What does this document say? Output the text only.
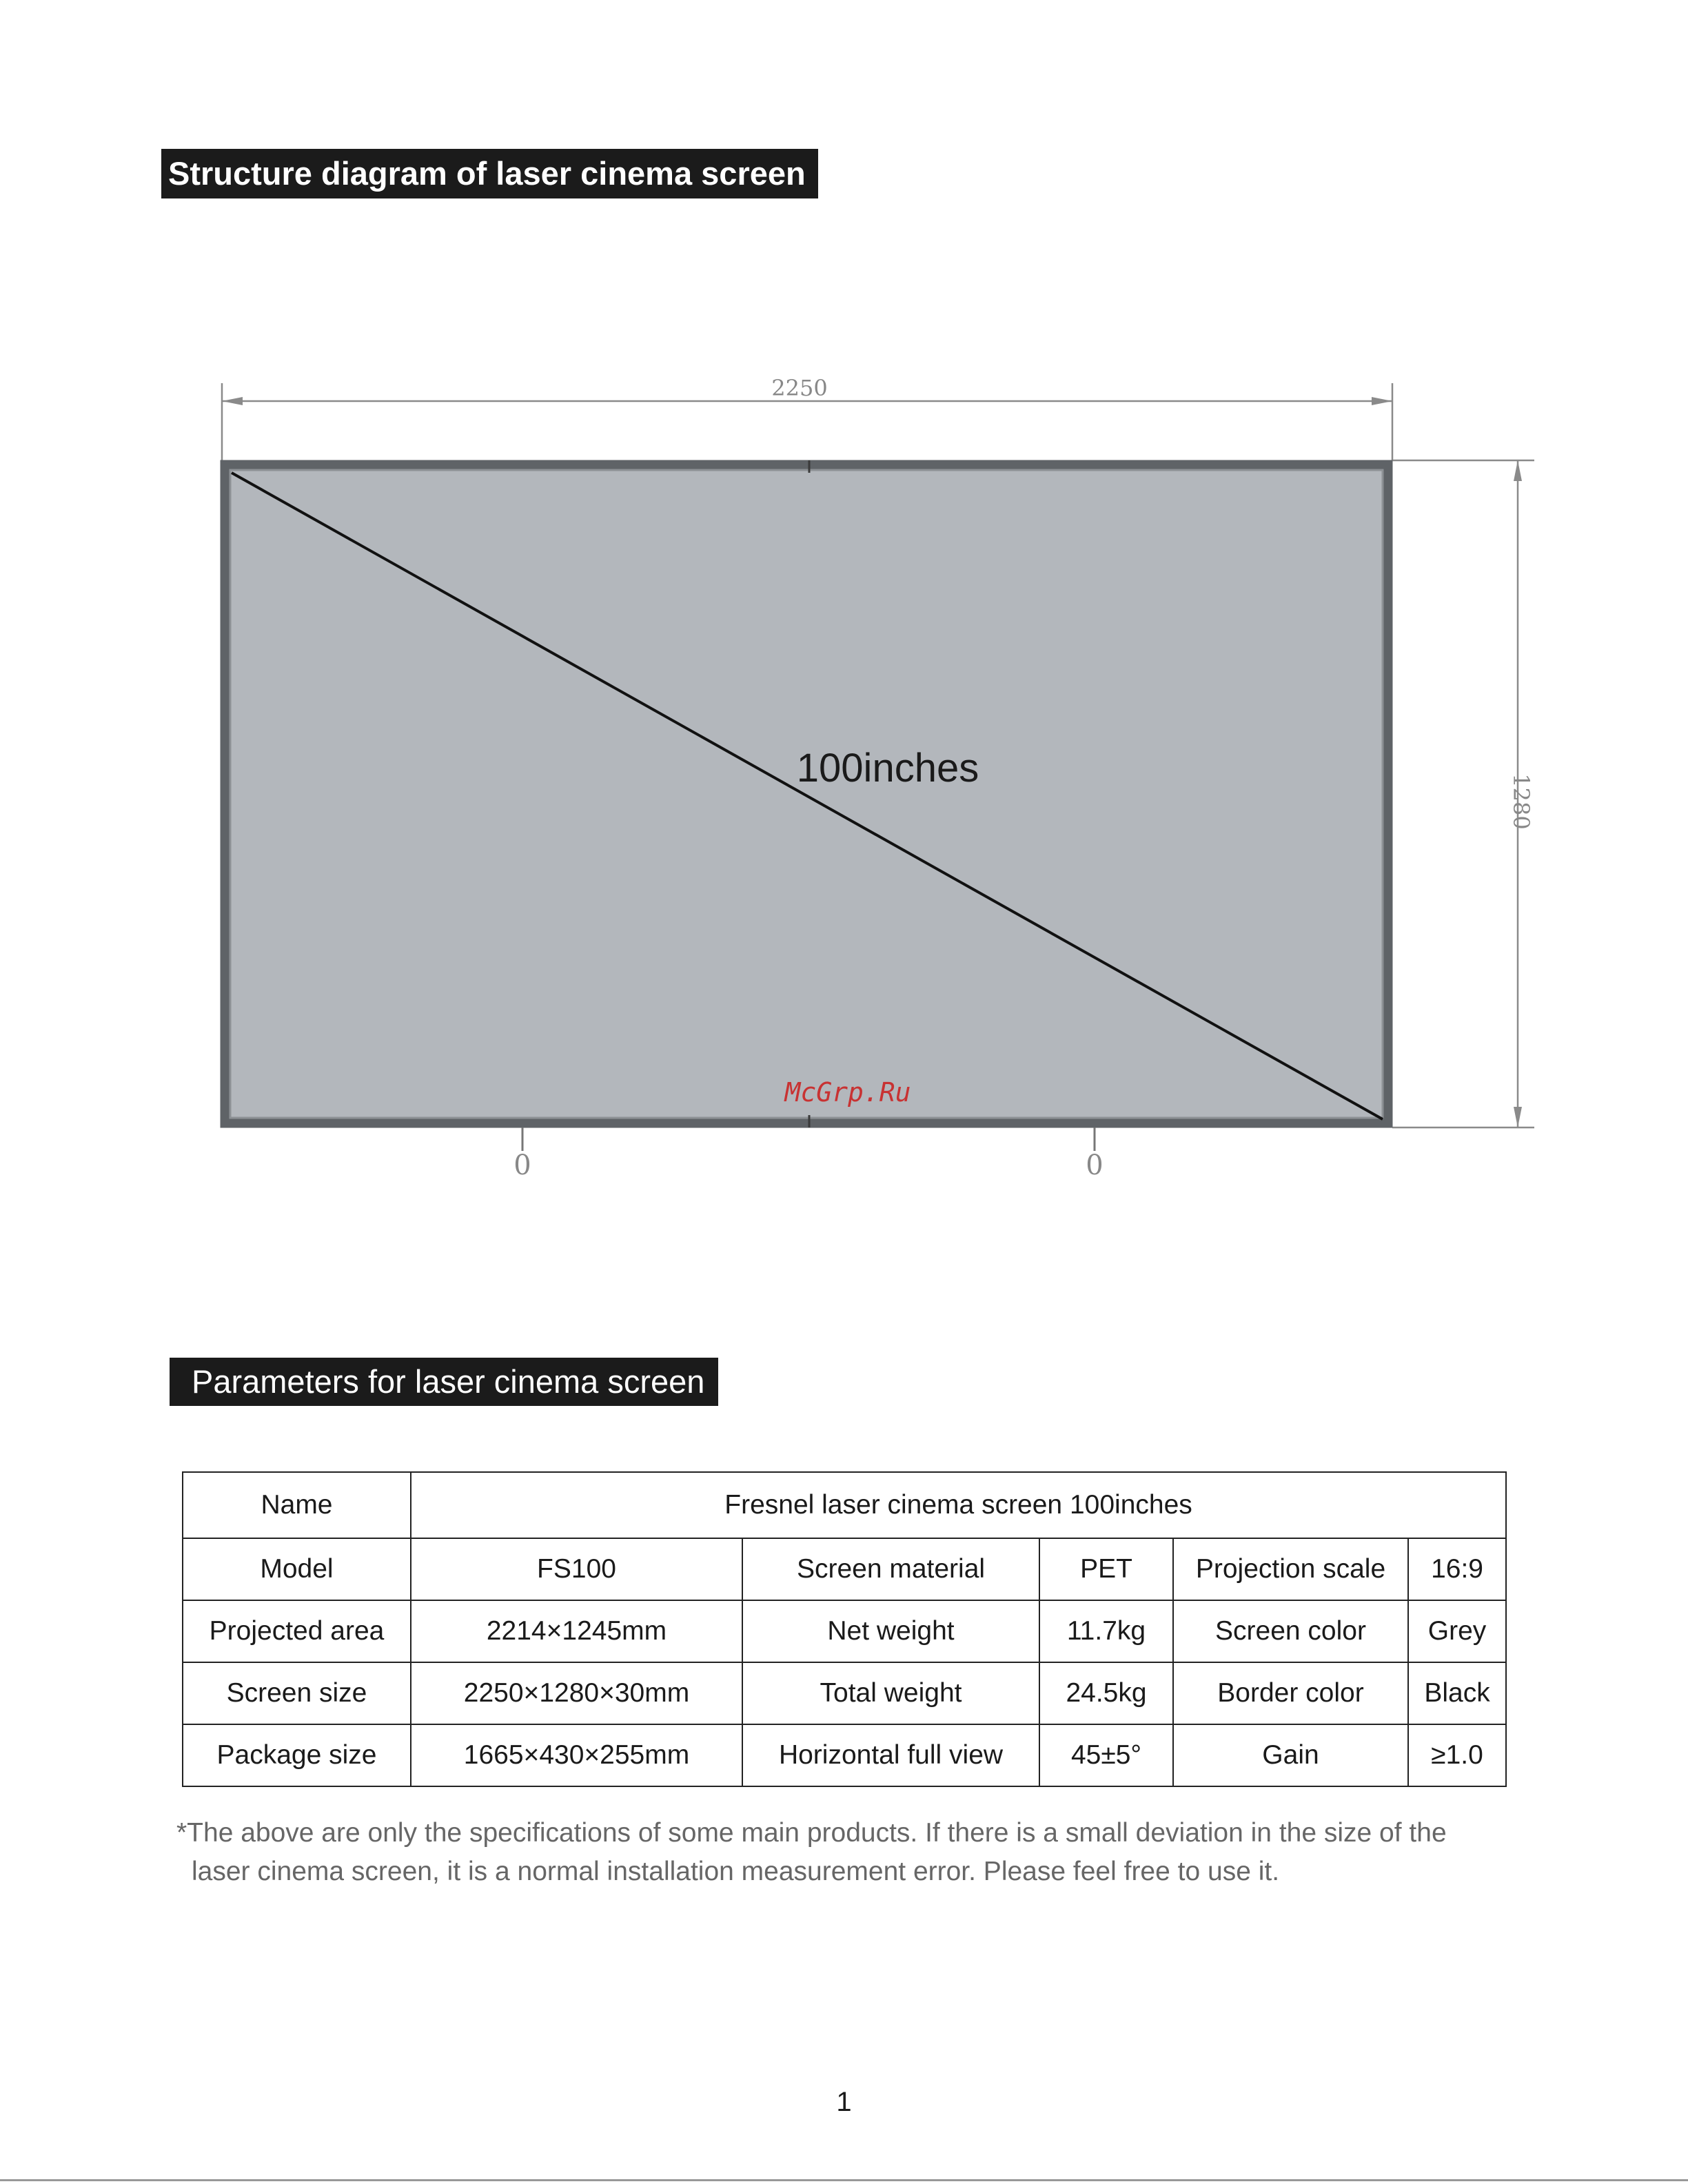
Structure diagram of laser cinema screen
2250
1280
100inches
McGrp.Ru
0	0
Parameters for laser cinema screen
Name	Fresnel laser cinema screen 100inches				
Model	FS100	Screen material	PET	Projection scale	16:9
Projected area	2214×1245mm	Net weight	11.7kg	Screen color	Grey
Screen size	2250×1280×30mm	Total weight	24.5kg	Border color	Black
Package size	1665×430×255mm	Horizontal full view	45±5°	Gain	≥1.0
*The above are only the specifications of some main products. If there is a small deviation in the size of the
laser cinema screen, it is a normal installation measurement error. Please feel free to use it.
1
